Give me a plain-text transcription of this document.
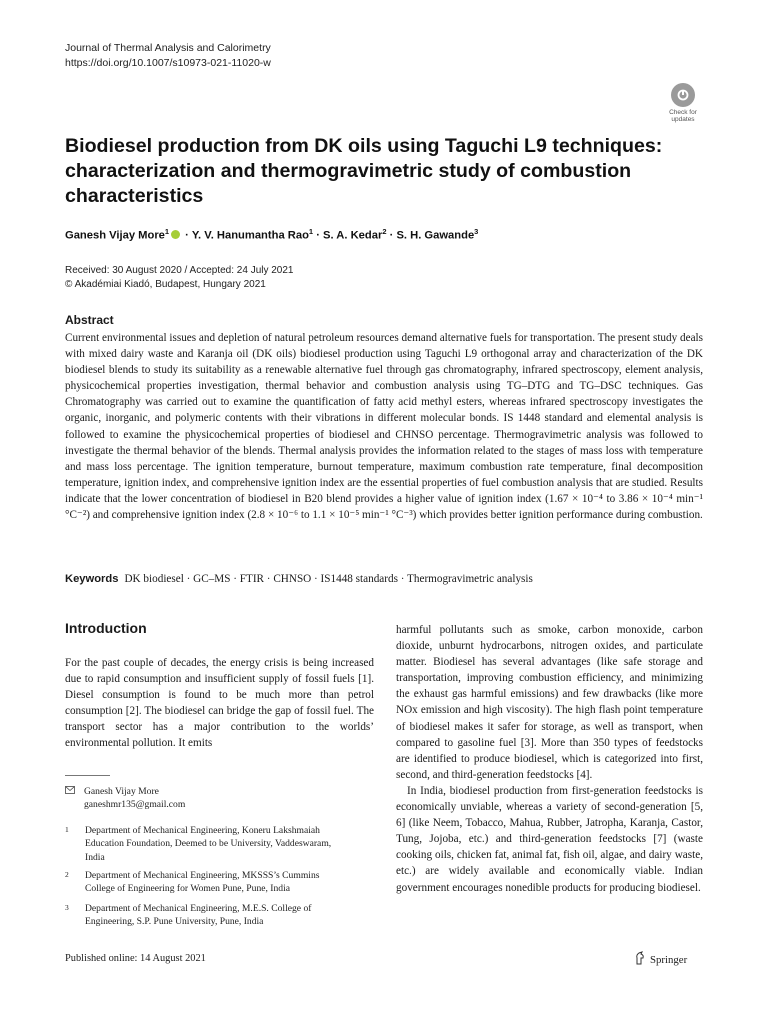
Journal of Thermal Analysis and Calorimetry
https://doi.org/10.1007/s10973-021-11020-w
Check for
updates
Biodiesel production from DK oils using Taguchi L9 techniques: characterization and thermogravimetric study of combustion characteristics
Ganesh Vijay More$^1$ · Y. V. Hanumantha Rao$^1$ · S. A. Kedar$^2$ · S. H. Gawande$^3$
Received: 30 August 2020 / Accepted: 24 July 2021
© Akadémiai Kiadó, Budapest, Hungary 2021
Abstract

Current environmental issues and depletion of natural petroleum resources demand alternative fuels for transportation. The present study deals with mixed dairy waste and Karanja oil (DK oils) biodiesel production using Taguchi L9 orthogonal array and characterization of the DK biodiesel blends to study its suitability as a renewable alternative fuel through gas chromatography, infrared spectroscopy, element analysis, physicochemical properties investigation, thermal behavior and combustion analysis using TG–DTG and TG–DSC techniques. Gas Chromatography was carried out to examine the quantification of fatty acid methyl esters, whereas infrared spectroscopy investigates the organic, inorganic, and polymeric contents with their vibrations in different molecular bonds. IS 1448 standard and elemental analysis is followed to examine the physicochemical properties of biodiesel and CHNSO percentage. Thermogravimetric analysis was followed to investigate the thermal behavior of the blends. Thermal analysis provides the information related to the stages of mass loss with temperature and mass loss percentage. The ignition temperature, burnout temperature, maximum combustion rate temperature, final decomposition temperature, ignition index, and comprehensive ignition index are the essential properties of fuel combustion analysis that are studied. Results indicate that the lower concentration of biodiesel in B20 blend provides a higher value of ignition index (1.67 × 10⁻⁴ to 3.86 × 10⁻⁴ min⁻¹ °C⁻²) and comprehensive ignition index (2.8 × 10⁻⁶ to 1.1 × 10⁻⁵ min⁻¹ °C⁻³) which provides better ignition performance during combustion.

Keywords DK biodiesel · GC–MS · FTIR · CHNSO · IS1448 standards · Thermogravimetric analysis
Introduction

For the past couple of decades, the energy crisis is being increased due to rapid consumption and insufficient supply of fossil fuels [1]. Diesel consumption is found to be much more than petrol consumption [2]. The biodiesel can bridge the gap of fossil fuel. The transport sector has a major contribution to the worlds’ environmental pollution. It emits

harmful pollutants such as smoke, carbon monoxide, carbon dioxide, unburnt hydrocarbons, nitrogen oxides, and particulate matter. Biodiesel has several advantages (like safe storage and transportation, improving combustion efficiency, and minimizing the exhaust gas harmful emissions) and few drawbacks (like more NOx emission and high viscosity). The high flash point temperature of biodiesel makes it safer for storage, as well as transport, when compared to gasoline fuel [3]. More than 350 types of feedstocks are identified to produce biodiesel, which is categorized into first, second, and third-generation feedstocks [4].

In India, biodiesel production from first-generation feedstocks is economically unviable, whereas a variety of second-generation [5, 6] (like Neem, Tobacco, Mahua, Rubber, Jatropha, Karanja, Castor, Tung, Jojoba, etc.) and third-generation feedstocks [7] (waste cooking oils, chicken fat, animal fat, fish oil, algae, and dairy waste, etc.) are widely available and economically viable. Indian government encourages nonedible products for producing biodiesel.

Ganesh Vijay More
ganeshmr135@gmail.com
1	Department of Mechanical Engineering, Koneru Lakshmaiah Education Foundation, Deemed to be University, Vaddeswaram, India
2	Department of Mechanical Engineering, MKSSS’s Cummins College of Engineering for Women Pune, Pune, India
3	Department of Mechanical Engineering, M.E.S. College of Engineering, S.P. Pune University, Pune, India
Published online: 14 August 2021	Springer
